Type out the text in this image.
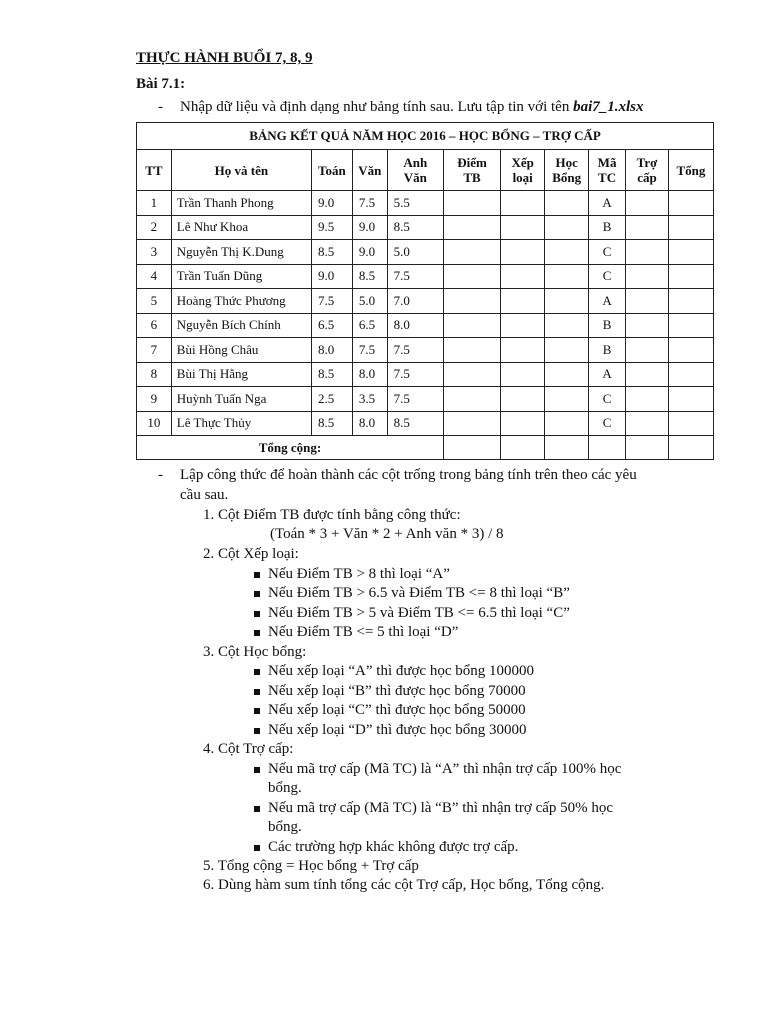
THỰC HÀNH BUỔI 7, 8, 9
Bài 7.1:
- Nhập dữ liệu và định dạng như bảng tính sau. Lưu tập tin với tên bai7_1.xlsx
BẢNG KẾT QUẢ NĂM HỌC 2016 – HỌC BỔNG – TRỢ CẤP										
TT	Họ và tên	Toán	Văn	Anh Văn	Điểm TB	Xếp loại	Học Bổng	Mã TC	Trợ cấp	Tổng
1	Trần Thanh Phong	9.0	7.5	5.5				A		
2	Lê Như Khoa	9.5	9.0	8.5				B		
3	Nguyễn Thị K.Dung	8.5	9.0	5.0				C		
4	Trần Tuấn Dũng	9.0	8.5	7.5				C		
5	Hoàng Thức Phương	7.5	5.0	7.0				A		
6	Nguyễn Bích Chính	6.5	6.5	8.0				B		
7	Bùi Hồng Châu	8.0	7.5	7.5				B		
8	Bùi Thị Hằng	8.5	8.0	7.5				A		
9	Huỳnh Tuấn Nga	2.5	3.5	7.5				C		
10	Lê Thực Thủy	8.5	8.0	8.5				C		
Tổng cộng:										
- Lập công thức để hoàn thành các cột trống trong bảng tính trên theo các yêu
cầu sau.
1. Cột Điểm TB được tính bằng công thức:
(Toán * 3 + Văn * 2 + Anh văn * 3) / 8
2. Cột Xếp loại:
Nếu Điểm TB > 8 thì loại “A”
Nếu Điểm TB > 6.5 và Điểm TB <= 8 thì loại “B”
Nếu Điểm TB > 5 và Điểm TB <= 6.5 thì loại “C”
Nếu Điểm TB <= 5 thì loại “D”
3. Cột Học bổng:
Nếu xếp loại “A” thì được học bổng 100000
Nếu xếp loại “B” thì được học bổng 70000
Nếu xếp loại “C” thì được học bổng 50000
Nếu xếp loại “D” thì được học bổng 30000
4. Cột Trợ cấp:
Nếu mã trợ cấp (Mã TC) là “A” thì nhận trợ cấp 100% học
bổng.
Nếu mã trợ cấp (Mã TC) là “B” thì nhận trợ cấp 50% học
bổng.
Các trường hợp khác không được trợ cấp.
5. Tổng cộng = Học bổng + Trợ cấp
6. Dùng hàm sum tính tổng các cột Trợ cấp, Học bổng, Tổng cộng.
